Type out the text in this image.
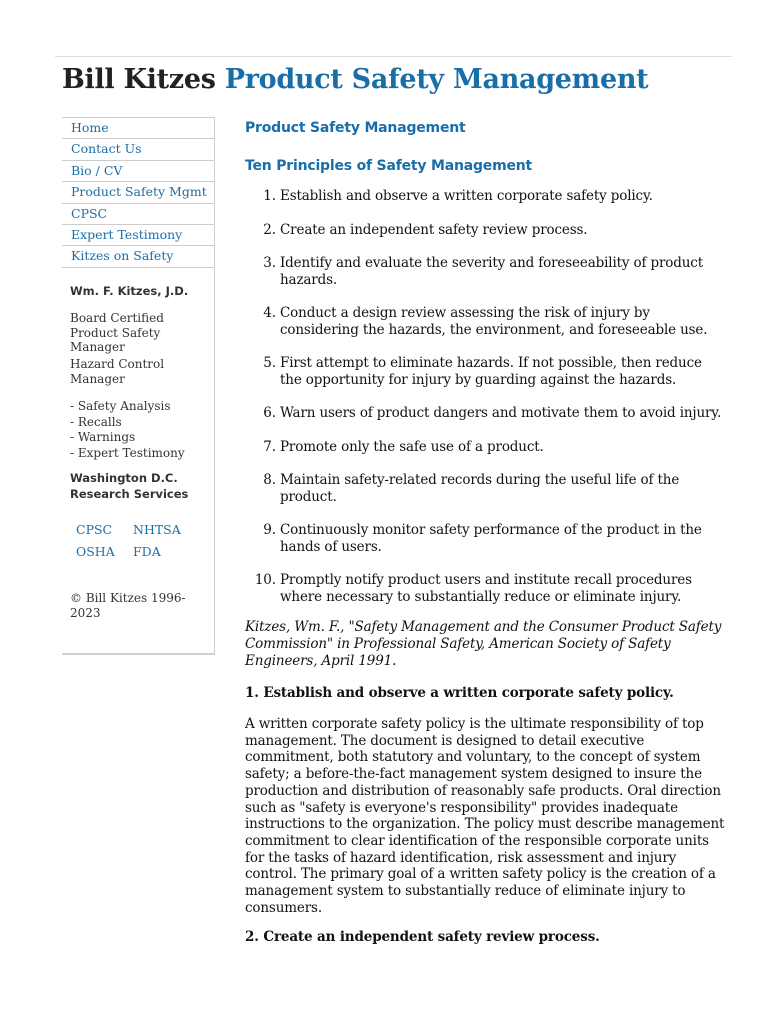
Bill Kitzes Product Safety Management
Home
Contact Us
Bio / CV
Product Safety Mgmt
CPSC
Expert Testimony
Kitzes on Safety
Wm. F. Kitzes, J.D.
Board Certified Product Safety Manager
Hazard Control Manager
- Safety Analysis
- Recalls
- Warnings
- Expert Testimony
Washington D.C. Research Services
CPSC NHTSA
OSHA FDA
© Bill Kitzes 1996-2023
Product Safety Management
Ten Principles of Safety Management
1. Establish and observe a written corporate safety policy.
2. Create an independent safety review process.
3. Identify and evaluate the severity and foreseeability of product hazards.
4. Conduct a design review assessing the risk of injury by considering the hazards, the environment, and foreseeable use.
5. First attempt to eliminate hazards. If not possible, then reduce the opportunity for injury by guarding against the hazards.
6. Warn users of product dangers and motivate them to avoid injury.
7. Promote only the safe use of a product.
8. Maintain safety-related records during the useful life of the product.
9. Continuously monitor safety performance of the product in the hands of users.
10. Promptly notify product users and institute recall procedures where necessary to substantially reduce or eliminate injury.

Kitzes, Wm. F., "Safety Management and the Consumer Product Safety Commission" in Professional Safety, American Society of Safety Engineers, April 1991.

1. Establish and observe a written corporate safety policy.

A written corporate safety policy is the ultimate responsibility of top management. The document is designed to detail executive commitment, both statutory and voluntary, to the concept of system safety; a before-the-fact management system designed to insure the production and distribution of reasonably safe products. Oral direction such as "safety is everyone's responsibility" provides inadequate instructions to the organization. The policy must describe management commitment to clear identification of the responsible corporate units for the tasks of hazard identification, risk assessment and injury control. The primary goal of a written safety policy is the creation of a management system to substantially reduce of eliminate injury to consumers.

2. Create an independent safety review process.
